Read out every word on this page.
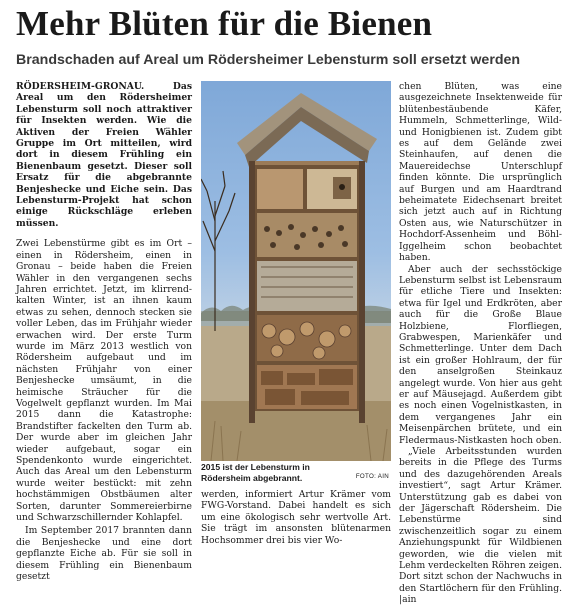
Mehr Blüten für die Bienen
Brandschaden auf Areal um Rödersheimer Lebensturm soll ersetzt werden

RÖDERSHEIM-GRONAU. Das Areal um den Rödersheimer Lebensturm soll noch attraktiver für Insekten werden. Wie die Aktiven der Freien Wähler Gruppe im Ort mitteilen, wird dort in diesem Frühling ein Bienenbaum gesetzt. Dieser soll Ersatz für die abgebrannte Benjeshecke und Eiche sein. Das Lebensturm-Projekt hat schon einige Rückschläge erleben müssen.

Zwei Lebenstürme gibt es im Ort – einen in Rödersheim, einen in Gronau – beide haben die Freien Wähler in den vergangenen sechs Jahren errichtet. Jetzt, im klirrend-kalten Winter, ist an ihnen kaum etwas zu sehen, dennoch stecken sie voller Leben, das im Frühjahr wieder erwachen wird. Der erste Turm wurde im März 2013 westlich von Rödersheim aufgebaut und im nächsten Frühjahr von einer Benjeshecke umsäumt, in die heimische Sträucher für die Vogelwelt gepflanzt wurden. Im Mai 2015 dann die Katastrophe: Brandstifter fackelten den Turm ab. Der wurde aber im gleichen Jahr wieder aufgebaut, sogar ein Spendenkonto wurde eingerichtet. Auch das Areal um den Lebensturm wurde weiter bestückt: mit zehn hochstämmigen Obstbäumen alter Sorten, darunter Sommereierbirne und Schwarzschillernder Kohlapfel.

Im September 2017 brannten dann die Benjeshecke und eine dort gepflanzte Eiche ab. Für sie soll in diesem Frühling ein Bienenbaum gesetzt

2015 ist der Lebensturm in Rödersheim abgebrannt.	FOTO: AIN

werden, informiert Artur Krämer vom FWG-Vorstand. Dabei handelt es sich um eine ökologisch sehr wertvolle Art. Sie trägt im ansonsten blütenarmen Hochsommer drei bis vier Wo-

chen Blüten, was eine ausgezeichnete Insektenweide für blütenbestäubende Käfer, Hummeln, Schmetterlinge, Wild- und Honigbienen ist. Zudem gibt es auf dem Gelände zwei Steinhaufen, auf denen die Mauereidechse Unterschlupf finden könnte. Die ursprünglich auf Burgen und am Haardtrand beheimatete Eidechsenart breitet sich jetzt auch auf in Richtung Osten aus, wie Naturschützer in Hochdorf-Assenheim und Böhl-Iggelheim schon beobachtet haben.

Aber auch der sechsstöckige Lebensturm selbst ist Lebensraum für etliche Tiere und Insekten: etwa für Igel und Erdkröten, aber auch für die Große Blaue Holzbiene, Florfliegen, Grabwespen, Marienkäfer und Schmetterlinge. Unter dem Dach ist ein großer Hohlraum, der für den anselgroßen Steinkauz angelegt wurde. Von hier aus geht er auf Mäusejagd. Außerdem gibt es noch einen Vogelnistkasten, in dem vergangenes Jahr ein Meisenpärchen brütete, und ein Fledermaus-Nistkasten hoch oben.

„Viele Arbeitsstunden wurden bereits in die Pflege des Turms und des dazugehörenden Areals investiert“, sagt Artur Krämer. Unterstützung gab es dabei von der Jägerschaft Rödersheim. Die Lebenstürme sind zwischenzeitlich sogar zu einem Anziehungspunkt für Wildbienen geworden, wie die vielen mit Lehm verdeckelten Röhren zeigen. Dort sitzt schon der Nachwuchs in den Startlöchern für den Frühling. |ain
